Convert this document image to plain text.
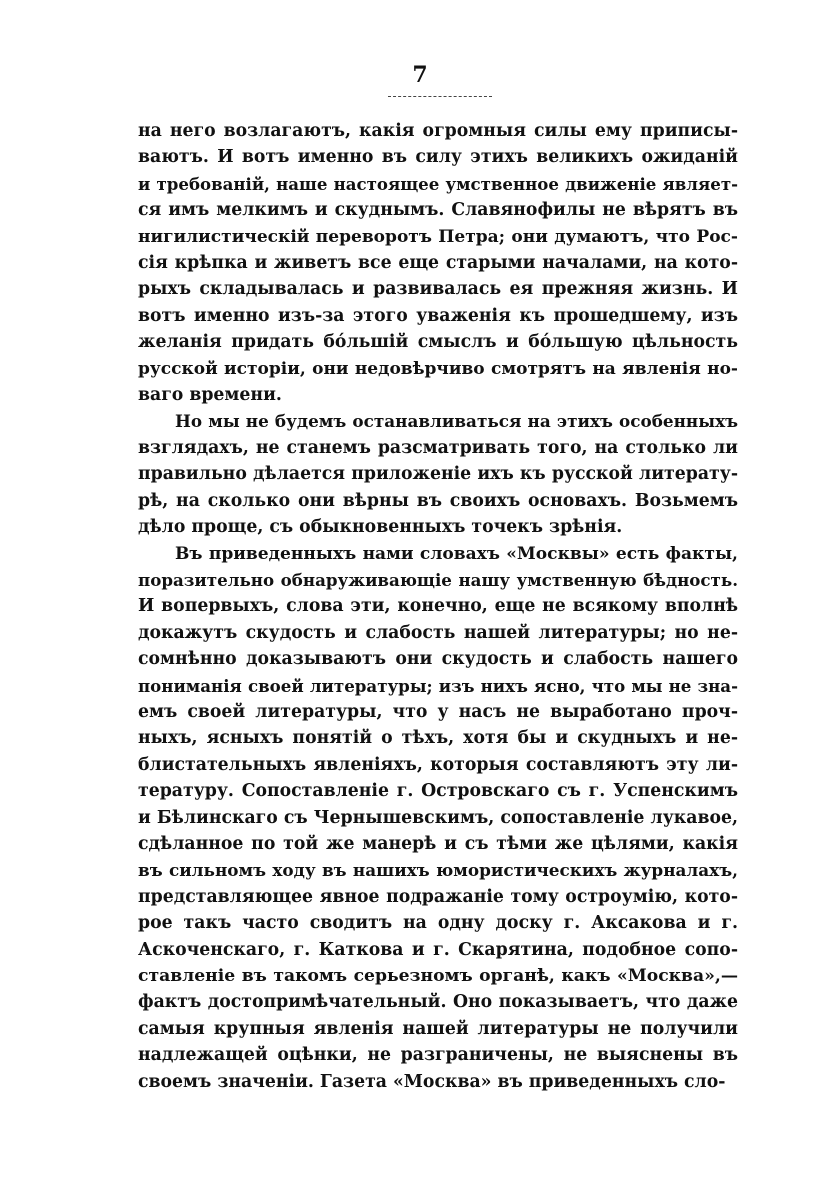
7
на него возлагаютъ, какія огромныя силы ему приписы-
ваютъ. И вотъ именно въ силу этихъ великихъ ожиданій
и требованій, наше настоящее умственное движеніе являет-
ся имъ мелкимъ и скуднымъ. Славянофилы не вѣрятъ въ
нигилистическій переворотъ Петра; они думаютъ, что Рос-
сія крѣпка и живетъ все еще старыми началами, на кото-
рыхъ складывалась и развивалась ея прежняя жизнь. И
вотъ именно изъ-за этого уваженія къ прошедшему, изъ
желанія придать бо́льшій смыслъ и бо́льшую цѣльность
русской исторіи, они недовѣрчиво смотрятъ на явленія но-
ваго времени.
Но мы не будемъ останавливаться на этихъ особенныхъ
взглядахъ, не станемъ разсматривать того, на столько ли
правильно дѣлается приложеніе ихъ къ русской литерату-
рѣ, на сколько они вѣрны въ своихъ основахъ. Возьмемъ
дѣло проще, съ обыкновенныхъ точекъ зрѣнія.
Въ приведенныхъ нами словахъ «Москвы» есть факты,
поразительно обнаруживающіе нашу умственную бѣдность.
И вопервыхъ, слова эти, конечно, еще не всякому вполнѣ
докажутъ скудость и слабость нашей литературы; но не-
сомнѣнно доказываютъ они скудость и слабость нашего
пониманія своей литературы; изъ нихъ ясно, что мы не зна-
емъ своей литературы, что у насъ не выработано проч-
ныхъ, ясныхъ понятій о тѣхъ, хотя бы и скудныхъ и не-
блистательныхъ явленіяхъ, которыя составляютъ эту ли-
тературу. Сопоставленіе г. Островскаго съ г. Успенскимъ
и Бѣлинскаго съ Чернышевскимъ, сопоставленіе лукавое,
сдѣланное по той же манерѣ и съ тѣми же цѣлями, какія
въ сильномъ ходу въ нашихъ юмористическихъ журналахъ,
представляющее явное подражаніе тому остроумію, кото-
рое такъ часто сводитъ на одну доску г. Аксакова и г.
Аскоченскаго, г. Каткова и г. Скарятина, подобное сопо-
ставленіе въ такомъ серьезномъ органѣ, какъ «Москва»,—
фактъ достопримѣчательный. Оно показываетъ, что даже
самыя крупныя явленія нашей литературы не получили
надлежащей оцѣнки, не разграничены, не выяснены въ
своемъ значеніи. Газета «Москва» въ приведенныхъ сло-
